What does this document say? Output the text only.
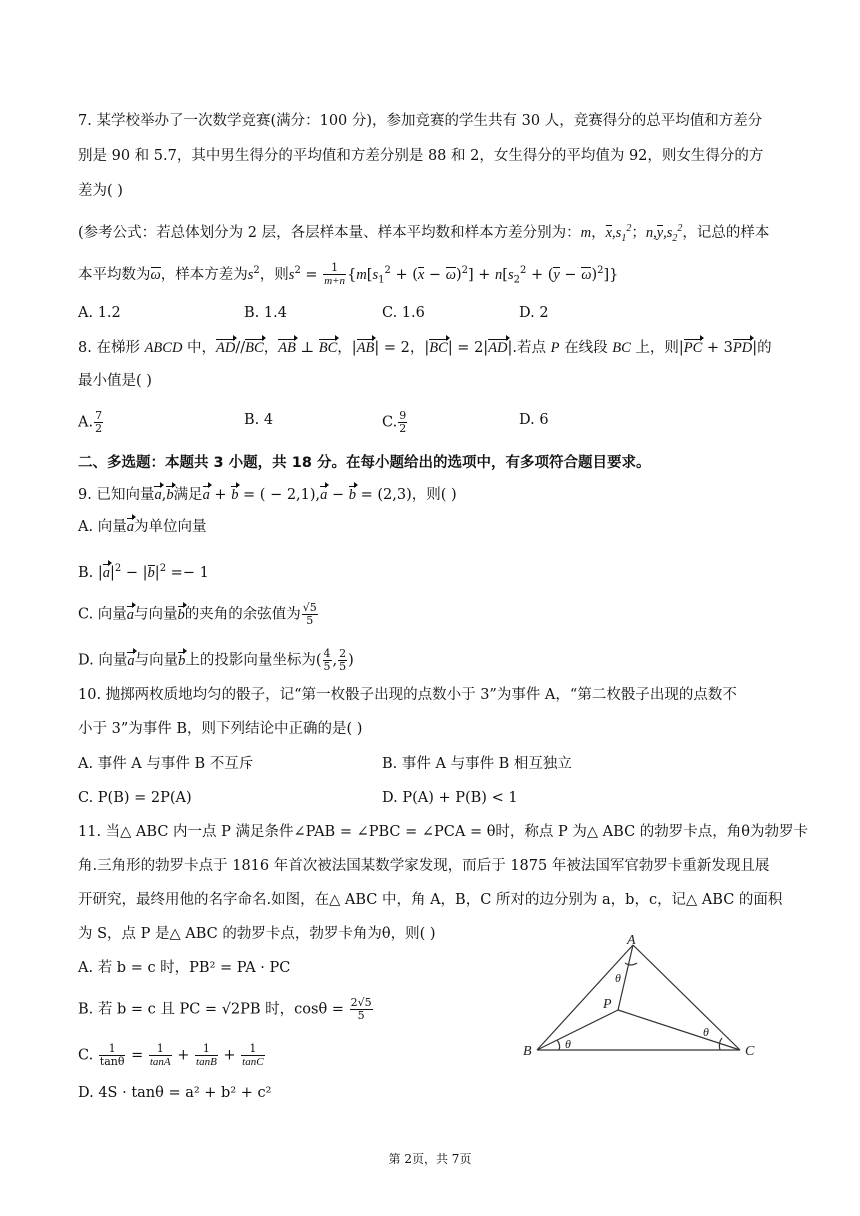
7. 某学校举办了一次数学竞赛(满分：100 分)，参加竞赛的学生共有 30 人，竞赛得分的总平均值和方差分
别是 90 和 5.7，其中男生得分的平均值和方差分别是 88 和 2，女生得分的平均值为 92，则女生得分的方
差为( )
(参考公式：若总体划分为 2 层，各层样本量、样本平均数和样本方差分别为：m，$x,s_1^2$；$n,y,s_2^2$，记总的样本
本平均数为ω，样本方差为$s^2$，则$s^2 = \frac{1}{m+n} \{m[s_1^2 + (x - \omega)^2] + n[s_2^2 + (y - \omega)^2]\}$
A. 1.2	B. 1.4	C. 1.6	D. 2
8. 在梯形 ABCD 中，AD//BC，AB ⊥ BC，|AB| = 2，|BC| = 2|AD|.若点 P 在线段 BC 上，则|PC + 3PD|的
最小值是( )
A. $\frac{7}{2}$	B. 4	C. $\frac{9}{2}$	D. 6
二、多选题：本题共 3 小题，共 18 分。在每小题给出的选项中，有多项符合题目要求。
9. 已知向量a,b满足a + b = ( − 2,1),a − b = (2,3)，则( )
A. 向量a为单位向量
B. $|a|^2 - |b|^2 =- 1$
C. 向量a与向量b的夹角的余弦值为 $\frac{√5}{5}$
D. 向量a与向量b上的投影向量坐标为( $\frac{4}{5}$ , $\frac{2}{5}$ )
10. 抛掷两枚质地均匀的骰子，记“第一枚骰子出现的点数小于 3”为事件 A，“第二枚骰子出现的点数不
小于 3”为事件 B，则下列结论中正确的是( )
A. 事件 A 与事件 B 不互斥	B. 事件 A 与事件 B 相互独立
C. P(B) = 2P(A)	D. P(A) + P(B) < 1
11. 当△ ABC 内一点 P 满足条件∠PAB = ∠PBC = ∠PCA = θ时，称点 P 为△ ABC 的勃罗卡点，角θ为勃罗卡
角.三角形的勃罗卡点于 1816 年首次被法国某数学家发现，而后于 1875 年被法国军官勃罗卡重新发现且展
开研究，最终用他的名字命名.如图，在△ ABC 中，角 A，B，C 所对的边分别为 a，b，c，记△ ABC 的面积
为 S，点 P 是△ ABC 的勃罗卡点，勃罗卡角为θ，则( )
A. 若 b = c 时，PB² = PA · PC
B. 若 b = c 且 PC = √2PB 时，$\cos\theta = \frac{2√5}{5}$
C. $\frac{1}{\tan\theta} = \frac{1}{\tan A} + \frac{1}{\tan B} + \frac{1}{\tan C}$
D. 4S · tanθ = a² + b² + c²
A
B	C
P
θ
θ
θ
第 2页，共 7页
